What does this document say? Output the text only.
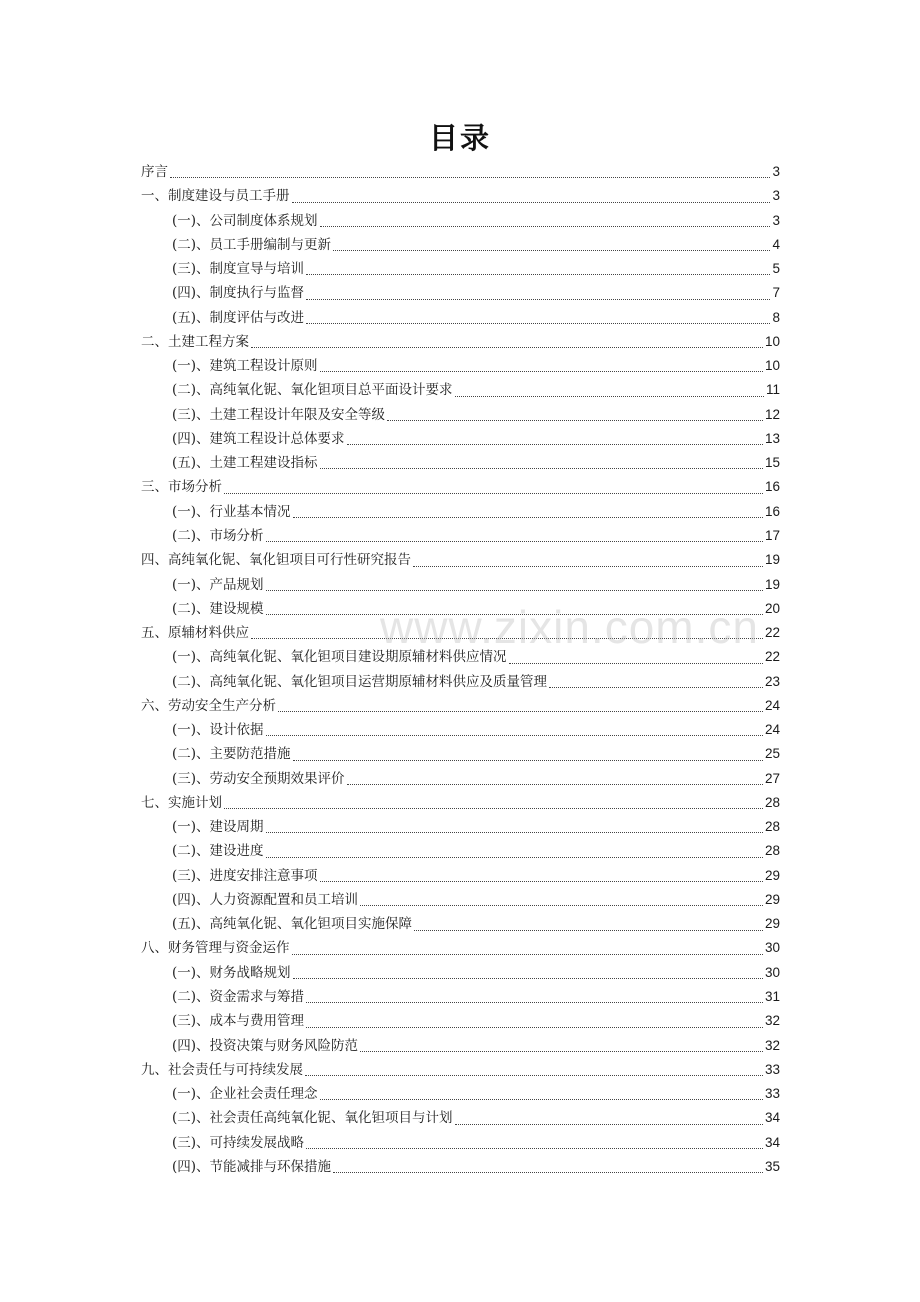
目录
序言	3
一、制度建设与员工手册	3
(一)、公司制度体系规划	3
(二)、员工手册编制与更新	4
(三)、制度宣导与培训	5
(四)、制度执行与监督	7
(五)、制度评估与改进	8
二、土建工程方案	10
(一)、建筑工程设计原则	10
(二)、高纯氧化铌、氧化钽项目总平面设计要求	11
(三)、土建工程设计年限及安全等级	12
(四)、建筑工程设计总体要求	13
(五)、土建工程建设指标	15
三、市场分析	16
(一)、行业基本情况	16
(二)、市场分析	17
四、高纯氧化铌、氧化钽项目可行性研究报告	19
(一)、产品规划	19
(二)、建设规模	20
五、原辅材料供应	22
(一)、高纯氧化铌、氧化钽项目建设期原辅材料供应情况	22
(二)、高纯氧化铌、氧化钽项目运营期原辅材料供应及质量管理	23
六、劳动安全生产分析	24
(一)、设计依据	24
(二)、主要防范措施	25
(三)、劳动安全预期效果评价	27
七、实施计划	28
(一)、建设周期	28
(二)、建设进度	28
(三)、进度安排注意事项	29
(四)、人力资源配置和员工培训	29
(五)、高纯氧化铌、氧化钽项目实施保障	29
八、财务管理与资金运作	30
(一)、财务战略规划	30
(二)、资金需求与筹措	31
(三)、成本与费用管理	32
(四)、投资决策与财务风险防范	32
九、社会责任与可持续发展	33
(一)、企业社会责任理念	33
(二)、社会责任高纯氧化铌、氧化钽项目与计划	34
(三)、可持续发展战略	34
(四)、节能减排与环保措施	35
www.zixin.com.cn
